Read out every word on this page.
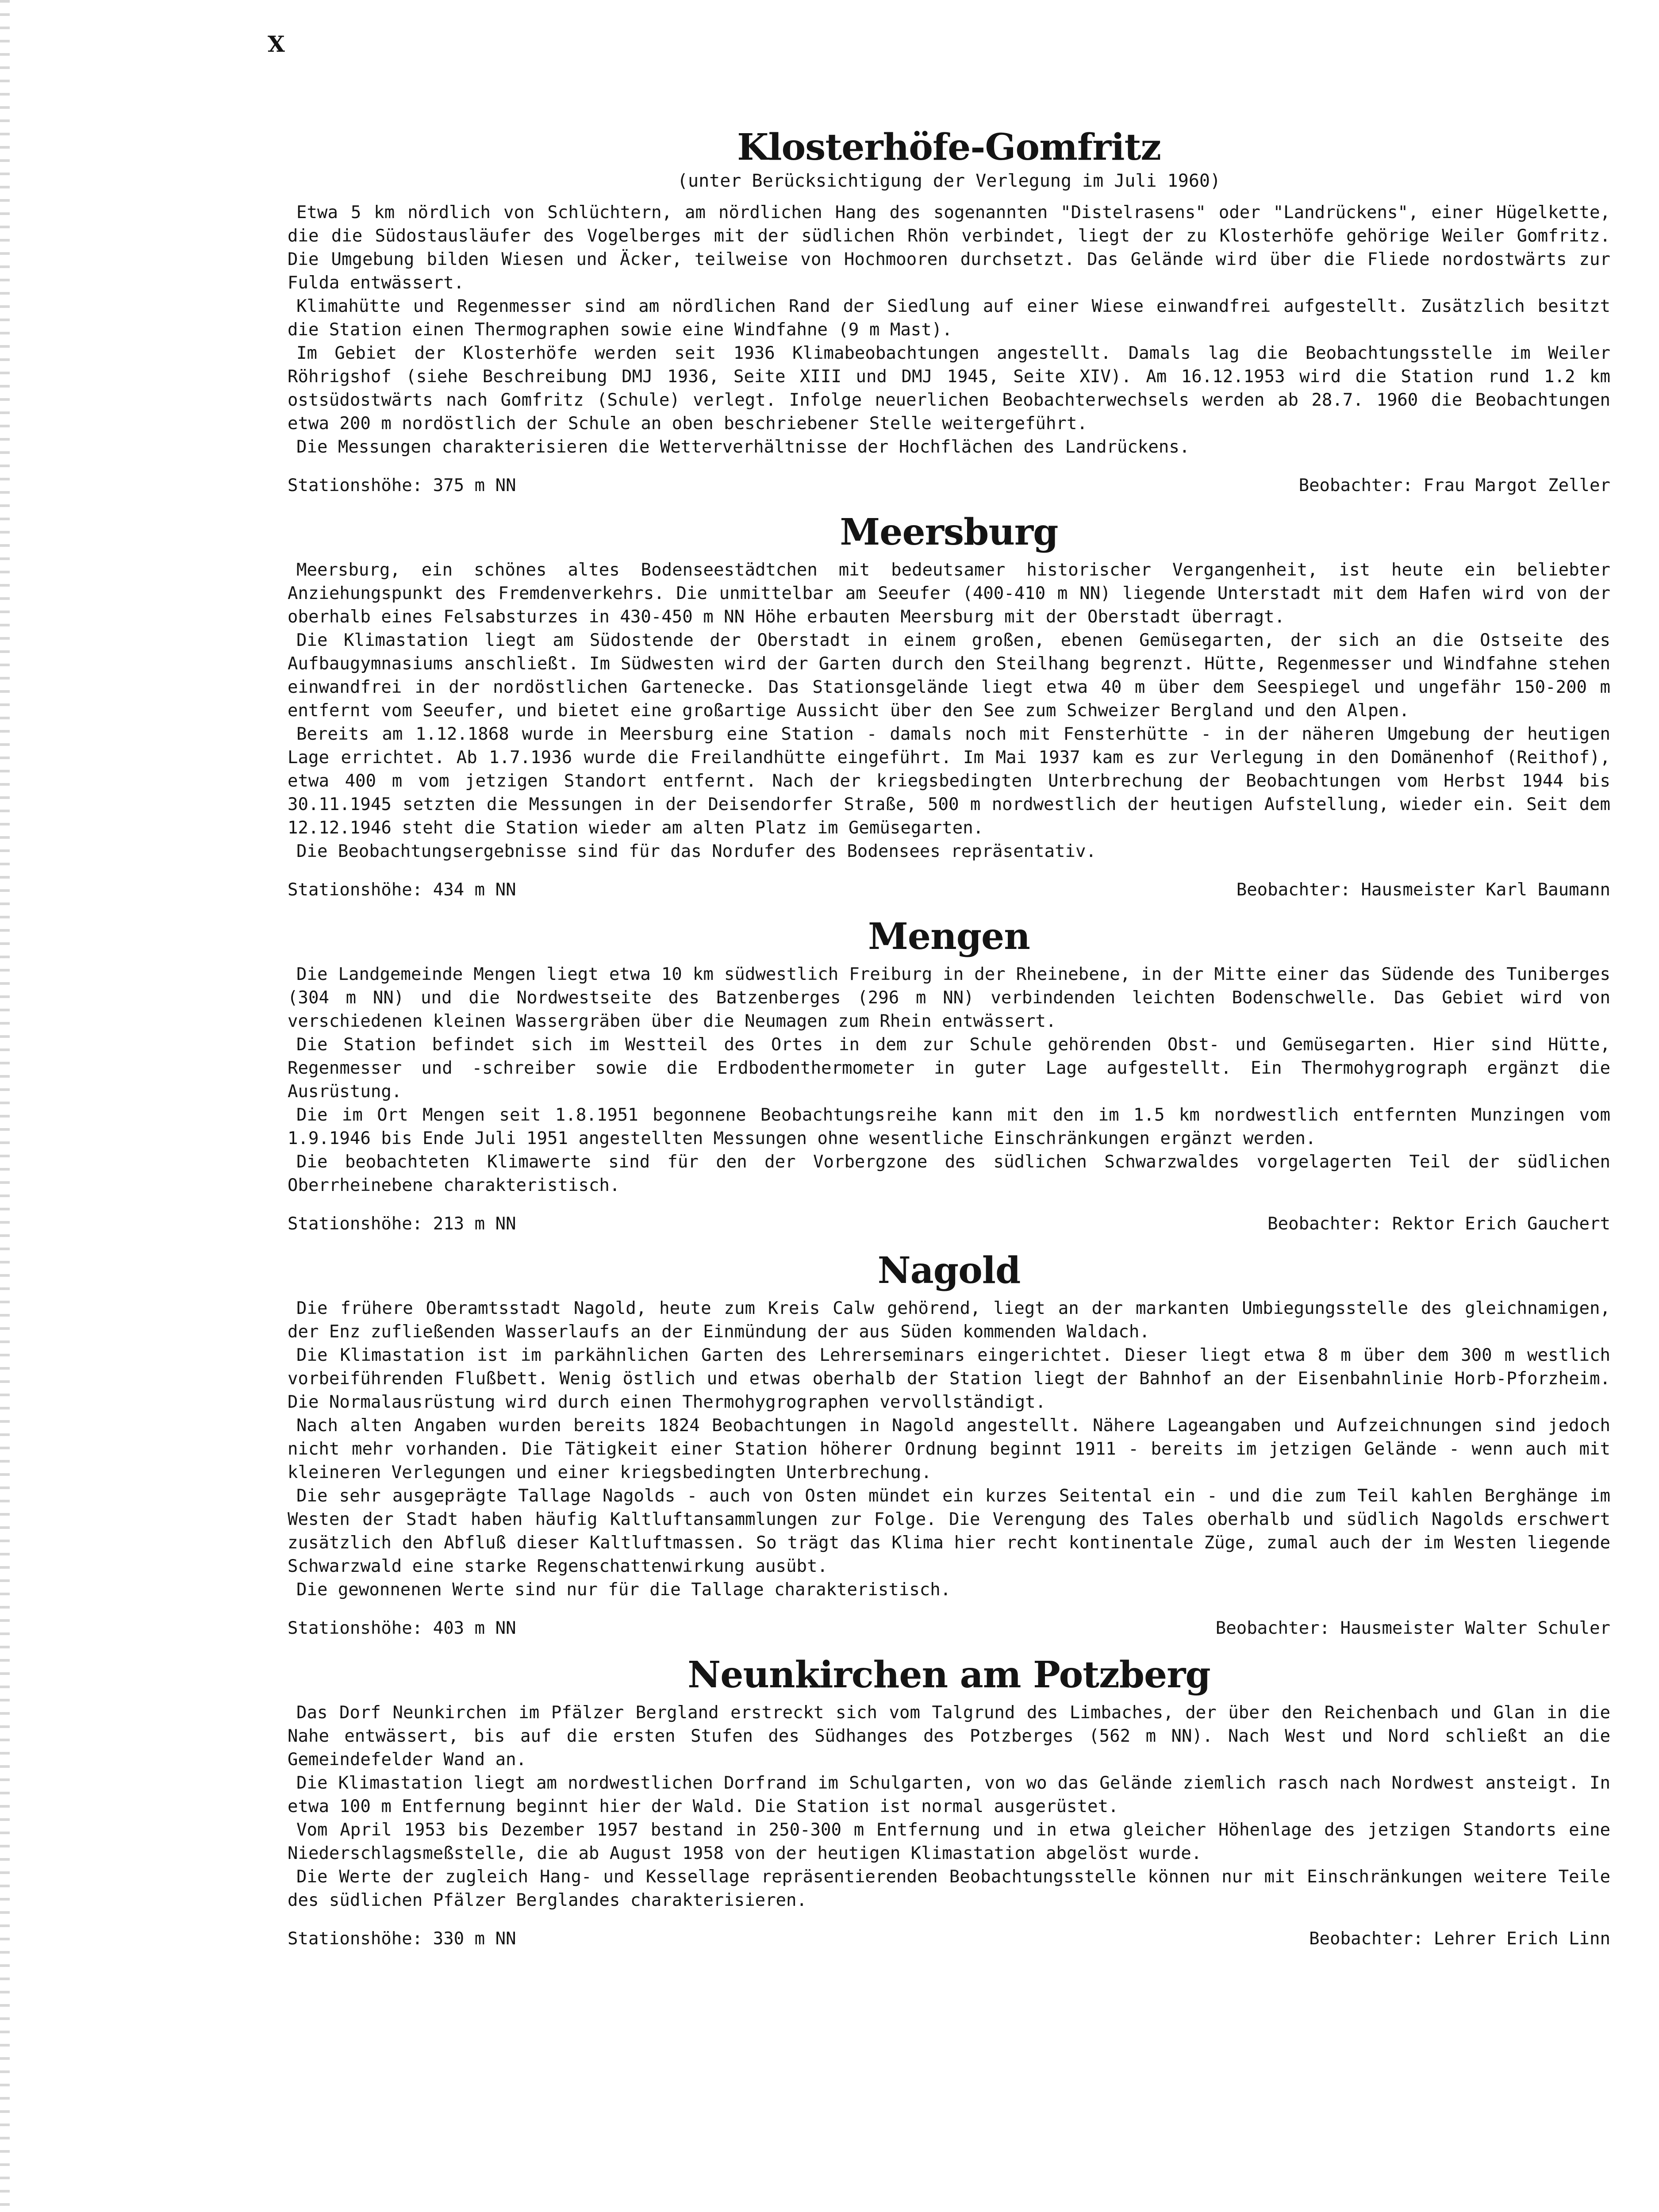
X
Klosterhöfe-Gomfritz
(unter Berücksichtigung der Verlegung im Juli 1960)

Etwa 5 km nördlich von Schlüchtern, am nördlichen Hang des sogenannten "Distelrasens" oder "Landrückens", einer Hügelkette, die die Südostausläufer des Vogelberges mit der südlichen Rhön verbindet, liegt der zu Klosterhöfe gehörige Weiler Gomfritz. Die Umgebung bilden Wiesen und Äcker, teilweise von Hochmooren durchsetzt. Das Gelände wird über die Fliede nordostwärts zur Fulda entwässert.

Klimahütte und Regenmesser sind am nördlichen Rand der Siedlung auf einer Wiese einwandfrei aufgestellt. Zusätzlich besitzt die Station einen Thermographen sowie eine Windfahne (9 m Mast).

Im Gebiet der Klosterhöfe werden seit 1936 Klimabeobachtungen angestellt. Damals lag die Beobachtungsstelle im Weiler Röhrigshof (siehe Beschreibung DMJ 1936, Seite XIII und DMJ 1945, Seite XIV). Am 16.12.1953 wird die Station rund 1.2 km ostsüdostwärts nach Gomfritz (Schule) verlegt. Infolge neuerlichen Beobachterwechsels werden ab 28.7. 1960 die Beobachtungen etwa 200 m nordöstlich der Schule an oben beschriebener Stelle weitergeführt.

Die Messungen charakterisieren die Wetterverhältnisse der Hochflächen des Landrückens.

Stationshöhe: 375 m NN	Beobachter: Frau Margot Zeller
Meersburg

Meersburg, ein schönes altes Bodenseestädtchen mit bedeutsamer historischer Vergangenheit, ist heute ein beliebter Anziehungspunkt des Fremdenverkehrs. Die unmittelbar am Seeufer (400-410 m NN) liegende Unterstadt mit dem Hafen wird von der oberhalb eines Felsabsturzes in 430-450 m NN Höhe erbauten Meersburg mit der Oberstadt überragt.

Die Klimastation liegt am Südostende der Oberstadt in einem großen, ebenen Gemüsegarten, der sich an die Ostseite des Aufbaugymnasiums anschließt. Im Südwesten wird der Garten durch den Steilhang begrenzt. Hütte, Regenmesser und Windfahne stehen einwandfrei in der nordöstlichen Gartenecke. Das Stationsgelände liegt etwa 40 m über dem Seespiegel und ungefähr 150-200 m entfernt vom Seeufer, und bietet eine großartige Aussicht über den See zum Schweizer Bergland und den Alpen.

Bereits am 1.12.1868 wurde in Meersburg eine Station - damals noch mit Fensterhütte - in der näheren Umgebung der heutigen Lage errichtet. Ab 1.7.1936 wurde die Freilandhütte eingeführt. Im Mai 1937 kam es zur Verlegung in den Domänenhof (Reithof), etwa 400 m vom jetzigen Standort entfernt. Nach der kriegsbedingten Unterbrechung der Beobachtungen vom Herbst 1944 bis 30.11.1945 setzten die Messungen in der Deisendorfer Straße, 500 m nordwestlich der heutigen Aufstellung, wieder ein. Seit dem 12.12.1946 steht die Station wieder am alten Platz im Gemüsegarten.

Die Beobachtungsergebnisse sind für das Nordufer des Bodensees repräsentativ.

Stationshöhe: 434 m NN	Beobachter: Hausmeister Karl Baumann
Mengen

Die Landgemeinde Mengen liegt etwa 10 km südwestlich Freiburg in der Rheinebene, in der Mitte einer das Südende des Tuniberges (304 m NN) und die Nordwestseite des Batzenberges (296 m NN) verbindenden leichten Bodenschwelle. Das Gebiet wird von verschiedenen kleinen Wassergräben über die Neumagen zum Rhein entwässert.

Die Station befindet sich im Westteil des Ortes in dem zur Schule gehörenden Obst- und Gemüsegarten. Hier sind Hütte, Regenmesser und -schreiber sowie die Erdbodenthermometer in guter Lage aufgestellt. Ein Thermohygrograph ergänzt die Ausrüstung.

Die im Ort Mengen seit 1.8.1951 begonnene Beobachtungsreihe kann mit den im 1.5 km nordwestlich entfernten Munzingen vom 1.9.1946 bis Ende Juli 1951 angestellten Messungen ohne wesentliche Einschränkungen ergänzt werden.

Die beobachteten Klimawerte sind für den der Vorbergzone des südlichen Schwarzwaldes vorgelagerten Teil der südlichen Oberrheinebene charakteristisch.

Stationshöhe: 213 m NN	Beobachter: Rektor Erich Gauchert
Nagold

Die frühere Oberamtsstadt Nagold, heute zum Kreis Calw gehörend, liegt an der markanten Umbiegungsstelle des gleichnamigen, der Enz zufließenden Wasserlaufs an der Einmündung der aus Süden kommenden Waldach.

Die Klimastation ist im parkähnlichen Garten des Lehrerseminars eingerichtet. Dieser liegt etwa 8 m über dem 300 m westlich vorbeiführenden Flußbett. Wenig östlich und etwas oberhalb der Station liegt der Bahnhof an der Eisenbahnlinie Horb-Pforzheim. Die Normalausrüstung wird durch einen Thermohygrographen vervollständigt.

Nach alten Angaben wurden bereits 1824 Beobachtungen in Nagold angestellt. Nähere Lageangaben und Aufzeichnungen sind jedoch nicht mehr vorhanden. Die Tätigkeit einer Station höherer Ordnung beginnt 1911 - bereits im jetzigen Gelände - wenn auch mit kleineren Verlegungen und einer kriegsbedingten Unterbrechung.

Die sehr ausgeprägte Tallage Nagolds - auch von Osten mündet ein kurzes Seitental ein - und die zum Teil kahlen Berghänge im Westen der Stadt haben häufig Kaltluftansammlungen zur Folge. Die Verengung des Tales oberhalb und südlich Nagolds erschwert zusätzlich den Abfluß dieser Kaltluftmassen. So trägt das Klima hier recht kontinentale Züge, zumal auch der im Westen liegende Schwarzwald eine starke Regenschattenwirkung ausübt.

Die gewonnenen Werte sind nur für die Tallage charakteristisch.

Stationshöhe: 403 m NN	Beobachter: Hausmeister Walter Schuler
Neunkirchen am Potzberg

Das Dorf Neunkirchen im Pfälzer Bergland erstreckt sich vom Talgrund des Limbaches, der über den Reichenbach und Glan in die Nahe entwässert, bis auf die ersten Stufen des Südhanges des Potzberges (562 m NN). Nach West und Nord schließt an die Gemeindefelder Wand an.

Die Klimastation liegt am nordwestlichen Dorfrand im Schulgarten, von wo das Gelände ziemlich rasch nach Nordwest ansteigt. In etwa 100 m Entfernung beginnt hier der Wald. Die Station ist normal ausgerüstet.

Vom April 1953 bis Dezember 1957 bestand in 250-300 m Entfernung und in etwa gleicher Höhenlage des jetzigen Standorts eine Niederschlagsmeßstelle, die ab August 1958 von der heutigen Klimastation abgelöst wurde.

Die Werte der zugleich Hang- und Kessellage repräsentierenden Beobachtungsstelle können nur mit Einschränkungen weitere Teile des südlichen Pfälzer Berglandes charakterisieren.

Stationshöhe: 330 m NN	Beobachter: Lehrer Erich Linn
